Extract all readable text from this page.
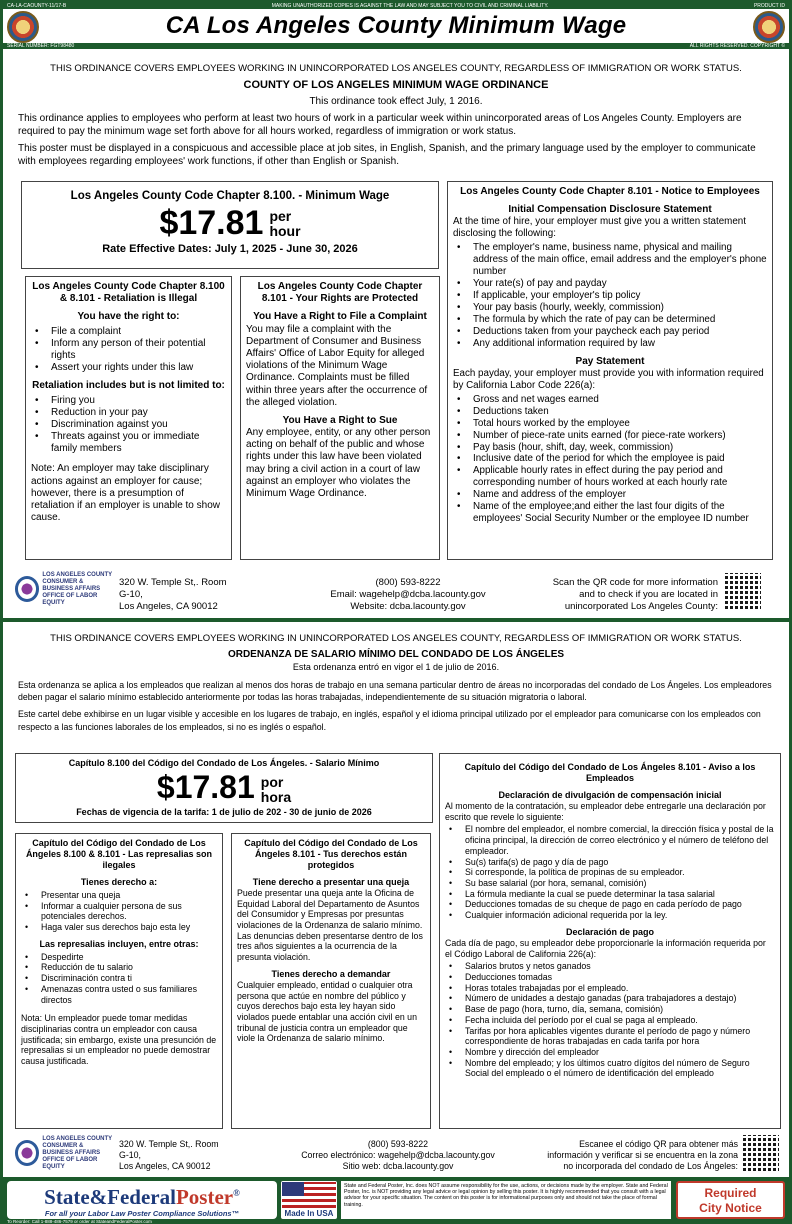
CA-LA-CAOUNTY-11/17-B	MAKING UNAUTHORIZED COPIES IS AGAINST THE LAW AND MAY SUBJECT YOU TO CIVIL AND CRIMINAL LIABILITY.	PRODUCT ID
CA Los Angeles County Minimum Wage
SERIAL NUMBER: FGT98480	ALL RIGHTS RESERVED. COPYRIGHT ©
THIS ORDINANCE COVERS EMPLOYEES WORKING IN UNINCORPORATED LOS ANGELES COUNTY, REGARDLESS OF IMMIGRATION OR WORK STATUS.
COUNTY OF LOS ANGELES MINIMUM WAGE ORDINANCE
This ordinance took effect July, 1 2016.
This ordinance applies to employees who perform at least two hours of work in a particular week within unincorporated areas of Los Angeles County. Employers are required to pay the minimum wage set forth above for all hours worked, regardless of immigration or work status.
This poster must be displayed in a conspicuous and accessible place at job sites, in English, Spanish, and the primary language used by the employer to communicate with employees regarding employees' work functions, if other than English or Spanish.
Los Angeles County Code Chapter 8.100. - Minimum Wage
$17.81 per
hour
Rate Effective Dates: July 1, 2025 - June 30, 2026
Los Angeles County Code Chapter 8.100 & 8.101 - Retaliation is Illegal
You have the right to:
• File a complaint
• Inform any person of their potential rights
• Assert your rights under this law
Retaliation includes but is not limited to:
• Firing you
• Reduction in your pay
• Discrimination against you
• Threats against you or immediate family members
Note: An employer may take disciplinary actions against an employer for cause; however, there is a presumption of retaliation if an employer is unable to show cause.
Los Angeles County Code Chapter 8.101 - Your Rights are Protected
You Have a Right to File a Complaint
You may file a complaint with the Department of Consumer and Business Affairs' Office of Labor Equity for alleged violations of the Minimum Wage Ordinance. Complaints must be filled within three years after the occurrence of the alleged violation.
You Have a Right to Sue
Any employee, entity, or any other person acting on behalf of the public and whose rights under this law have been violated may bring a civil action in a court of law against an employer who violates the Minimum Wage Ordinance.
Los Angeles County Code Chapter 8.101 - Notice to Employees
Initial Compensation Disclosure Statement
At the time of hire, your employer must give you a written statement disclosing the following:
• The employer's name, business name, physical and mailing address of the main office, email address and the employer's phone number
• Your rate(s) of pay and payday
• If applicable, your employer's tip policy
• Your pay basis (hourly, weekly, commission)
• The formula by which the rate of pay can be determined
• Deductions taken from your paycheck each pay period
• Any additional information required by law
Pay Statement
Each payday, your employer must provide you with information required by California Labor Code 226(a):
• Gross and net wages earned
• Deductions taken
• Total hours worked by the employee
• Number of piece-rate units earned (for piece-rate workers)
• Pay basis (hour, shift, day, week, commission)
• Inclusive date of the period for which the employee is paid
• Applicable hourly rates in effect during the pay period and corresponding number of hours worked at each hourly rate
• Name and address of the employer
• Name of the employee;and either the last four digits of the employees' Social Security Number or the employee ID number
LOS ANGELES COUNTY
CONSUMER &
BUSINESS AFFAIRS
OFFICE OF LABOR EQUITY
320 W. Temple St,. Room
G-10,
Los Angeles, CA 90012
(800) 593-8222
Email: wagehelp@dcba.lacounty.gov
Website: dcba.lacounty.gov
Scan the QR code for more information
and to check if you are located in
unincorporated Los Angeles County:
THIS ORDINANCE COVERS EMPLOYEES WORKING IN UNINCORPORATED LOS ANGELES COUNTY, REGARDLESS OF IMMIGRATION OR WORK STATUS.
ORDENANZA DE SALARIO MÍNIMO DEL CONDADO DE LOS ÁNGELES
Esta ordenanza entró en vigor el 1 de julio de 2016.
Esta ordenanza se aplica a los empleados que realizan al menos dos horas de trabajo en una semana particular dentro de áreas no incorporadas del condado de Los Ángeles. Los empleadores deben pagar el salario mínimo establecido anteriormente por todas las horas trabajadas, independientemente de su situación migratoria o laboral.
Este cartel debe exhibirse en un lugar visible y accesible en los lugares de trabajo, en inglés, español y el idioma principal utilizado por el empleador para comunicarse con los empleados con respecto a las funciones laborales de los empleados, si no es inglés o español.
Capítulo 8.100 del Código del Condado de Los Ángeles. - Salario Mínimo
$17.81 por
hora
Fechas de vigencia de la tarifa: 1 de julio de 202 - 30 de junio de 2026
Capítulo del Código del Condado de Los Ángeles 8.100 & 8.101 - Las represalias son ilegales
Tienes derecho a:
• Presentar una queja
• Informar a cualquier persona de sus potenciales derechos.
• Haga valer sus derechos bajo esta ley
Las represalias incluyen, entre otras:
• Despedirte
• Reducción de tu salario
• Discriminación contra ti
• Amenazas contra usted o sus familiares directos
Nota: Un empleador puede tomar medidas disciplinarias contra un empleador con causa justificada; sin embargo, existe una presunción de represalias si un empleador no puede demostrar causa justificada.
Capítulo del Código del Condado de Los Ángeles 8.101 - Tus derechos están protegidos
Tiene derecho a presentar una queja
Puede presentar una queja ante la Oficina de Equidad Laboral del Departamento de Asuntos del Consumidor y Empresas por presuntas violaciones de la Ordenanza de salario mínimo. Las denuncias deben presentarse dentro de los tres años siguientes a la ocurrencia de la presunta violación.
Tienes derecho a demandar
Cualquier empleado, entidad o cualquier otra persona que actúe en nombre del público y cuyos derechos bajo esta ley hayan sido violados puede entablar una acción civil en un tribunal de justicia contra un empleador que viole la Ordenanza de salario mínimo.
Capítulo del Código del Condado de Los Ángeles 8.101 - Aviso a los Empleados
Declaración de divulgación de compensación inicial
Al momento de la contratación, su empleador debe entregarle una declaración por escrito que revele lo siguiente:
• El nombre del empleador, el nombre comercial, la dirección física y postal de la oficina principal, la dirección de correo electrónico y el número de teléfono del empleador.
• Su(s) tarifa(s) de pago y día de pago
• Si corresponde, la política de propinas de su empleador.
• Su base salarial (por hora, semanal, comisión)
• La fórmula mediante la cual se puede determinar la tasa salarial
• Deducciones tomadas de su cheque de pago en cada período de pago
• Cualquier información adicional requerida por la ley.
Declaración de pago
Cada día de pago, su empleador debe proporcionarle la información requerida por el Código Laboral de California 226(a):
• Salarios brutos y netos ganados
• Deducciones tomadas
• Horas totales trabajadas por el empleado.
• Número de unidades a destajo ganadas (para trabajadores a destajo)
• Base de pago (hora, turno, día, semana, comisión)
• Fecha incluida del período por el cual se paga al empleado.
• Tarifas por hora aplicables vigentes durante el período de pago y número correspondiente de horas trabajadas en cada tarifa por hora
• Nombre y dirección del empleador
• Nombre del empleado; y los últimos cuatro dígitos del número de Seguro Social del empleado o el número de identificación del empleado
LOS ANGELES COUNTY
CONSUMER &
BUSINESS AFFAIRS
OFFICE OF LABOR EQUITY
320 W. Temple St,. Room
G-10,
Los Angeles, CA 90012
(800) 593-8222
Correo electrónico: wagehelp@dcba.lacounty.gov
Sitio web: dcba.lacounty.gov
Escanee el código QR para obtener más
información y verificar si se encuentra en la zona
no incorporada del condado de Los Ángeles:
State&FederalPoster®
For all your Labor Law Poster Compliance Solutions™	Made In USA
State and Federal Poster, Inc. does NOT assume responsibility for the use, actions, or decisions made by the employer. State and Federal Poster, Inc. is NOT providing any legal advice or legal opinion by selling this poster. It is highly recommended that you consult with a legal advisor for your specific situation. The content on this poster is for informational purposes only and should not take the place of formal training.
Required
City Notice
To Reorder: Call 1-888-486-7579 or order at StateandFederalPoster.com
